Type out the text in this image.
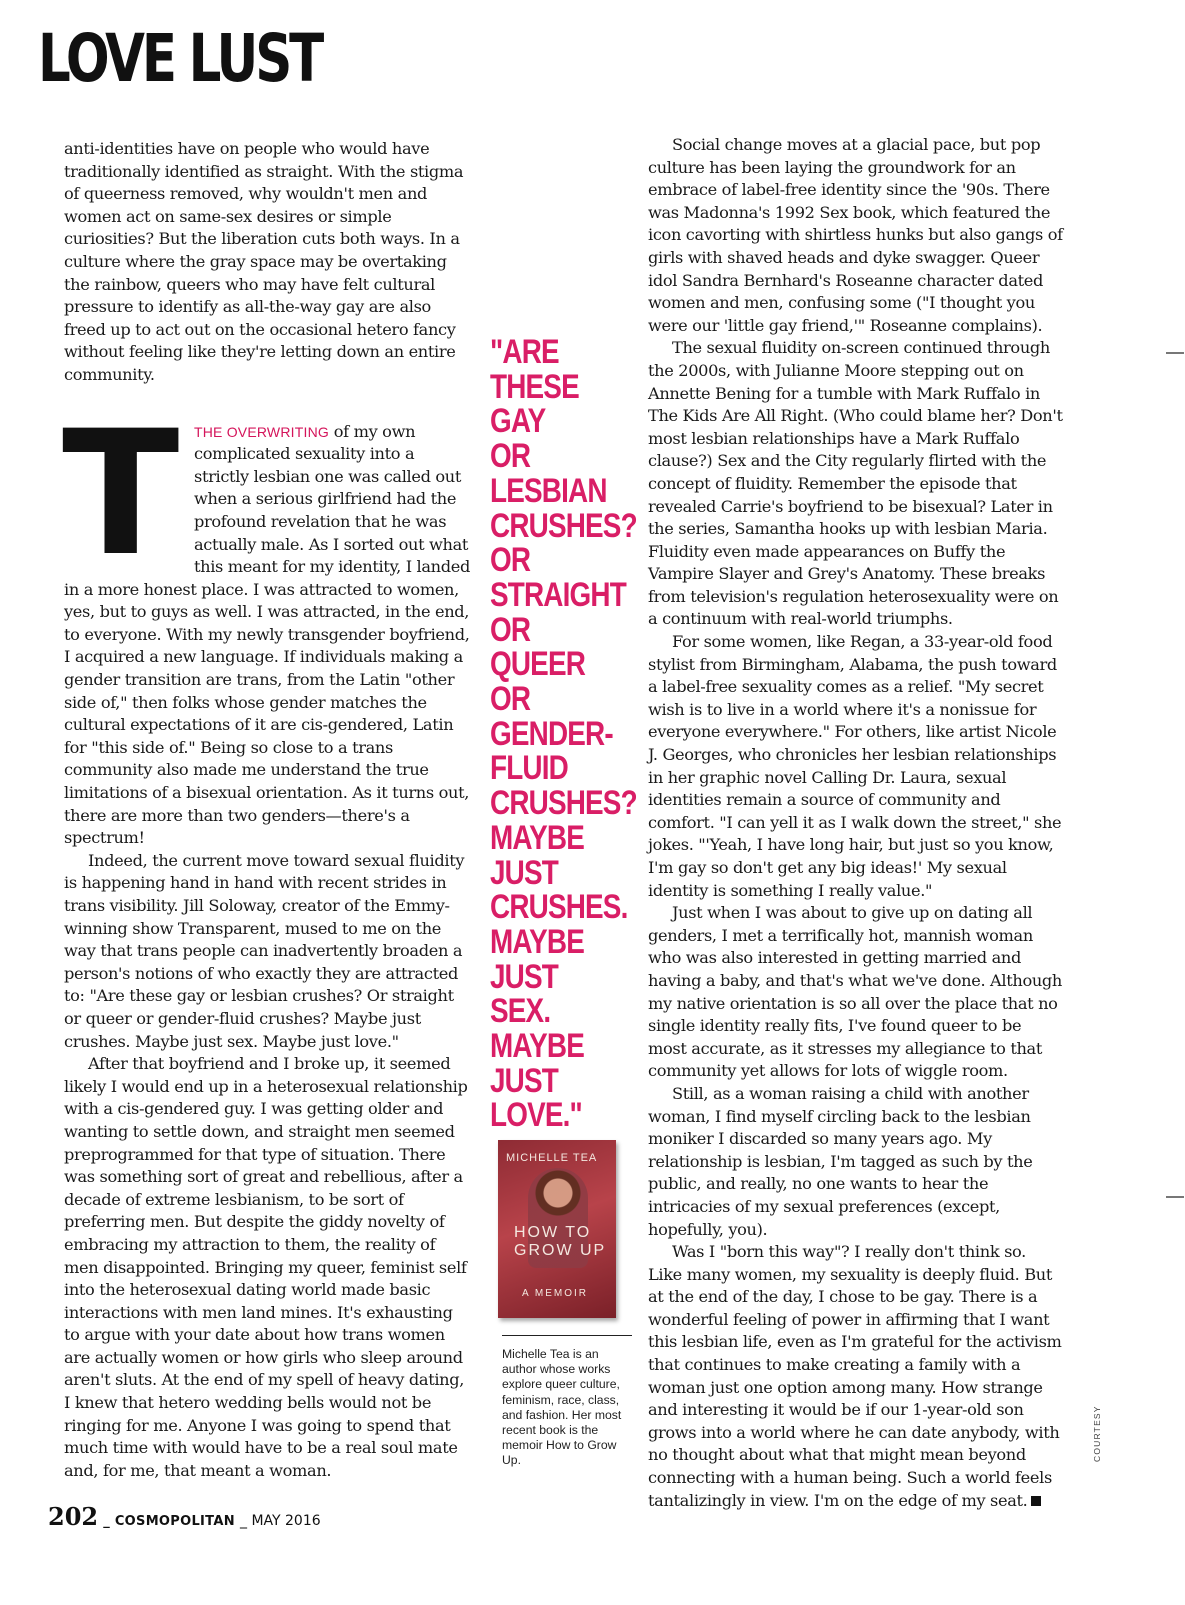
LOVE LUST

anti-identities have on people who would have traditionally identified as straight. With the stigma of queerness removed, why wouldn't men and women act on same-sex desires or simple curiosities? But the liberation cuts both ways. In a culture where the gray space may be overtaking the rainbow, queers who may have felt cultural pressure to identify as all-the-way gay are also freed up to act out on the occasional hetero fancy without feeling like they're letting down an entire community.

T	THE OVERWRITING of my own complicated sexuality into a strictly lesbian one was called out when a serious girlfriend had the profound revelation that he was actually male. As I sorted out what this meant for my identity, I landed in a more honest place. I was attracted to women, yes, but to guys as well. I was attracted, in the end, to everyone. With my newly transgender boyfriend, I acquired a new language. If individuals making a gender transition are trans, from the Latin "other side of," then folks whose gender matches the cultural expectations of it are cis-gendered, Latin for "this side of." Being so close to a trans community also made me understand the true limitations of a bisexual orientation. As it turns out, there are more than two genders—there's a spectrum!

Indeed, the current move toward sexual fluidity is happening hand in hand with recent strides in trans visibility. Jill Soloway, creator of the Emmy-winning show Transparent, mused to me on the way that trans people can inadvertently broaden a person's notions of who exactly they are attracted to: "Are these gay or lesbian crushes? Or straight or queer or gender-fluid crushes? Maybe just crushes. Maybe just sex. Maybe just love."

After that boyfriend and I broke up, it seemed likely I would end up in a heterosexual relationship with a cis-gendered guy. I was getting older and wanting to settle down, and straight men seemed preprogrammed for that type of situation. There was something sort of great and rebellious, after a decade of extreme lesbianism, to be sort of preferring men. But despite the giddy novelty of embracing my attraction to them, the reality of men disappointed. Bringing my queer, feminist self into the heterosexual dating world made basic interactions with men land mines. It's exhausting to argue with your date about how trans women are actually women or how girls who sleep around aren't sluts. At the end of my spell of heavy dating, I knew that hetero wedding bells would not be ringing for me. Anyone I was going to spend that much time with would have to be a real soul mate and, for me, that meant a woman.

"ARE
THESE GAY
OR
LESBIAN
CRUSHES?
OR
STRAIGHT
OR QUEER
OR
GENDER-
FLUID
CRUSHES?
MAYBE
JUST
CRUSHES.
MAYBE
JUST SEX.
MAYBE
JUST
LOVE."
MICHELLE TEA
HOW TO
GROW UP
A MEMOIR
Michelle Tea is an author whose works explore queer culture, feminism, race, class, and fashion. Her most recent book is the memoir How to Grow Up.

Social change moves at a glacial pace, but pop culture has been laying the groundwork for an embrace of label-free identity since the '90s. There was Madonna's 1992 Sex book, which featured the icon cavorting with shirtless hunks but also gangs of girls with shaved heads and dyke swagger. Queer idol Sandra Bernhard's Roseanne character dated women and men, confusing some ("I thought you were our 'little gay friend,'" Roseanne complains).

The sexual fluidity on-screen continued through the 2000s, with Julianne Moore stepping out on Annette Bening for a tumble with Mark Ruffalo in The Kids Are All Right. (Who could blame her? Don't most lesbian relationships have a Mark Ruffalo clause?) Sex and the City regularly flirted with the concept of fluidity. Remember the episode that revealed Carrie's boyfriend to be bisexual? Later in the series, Samantha hooks up with lesbian Maria. Fluidity even made appearances on Buffy the Vampire Slayer and Grey's Anatomy. These breaks from television's regulation heterosexuality were on a continuum with real-world triumphs.

For some women, like Regan, a 33-year-old food stylist from Birmingham, Alabama, the push toward a label-free sexuality comes as a relief. "My secret wish is to live in a world where it's a nonissue for everyone everywhere." For others, like artist Nicole J. Georges, who chronicles her lesbian relationships in her graphic novel Calling Dr. Laura, sexual identities remain a source of community and comfort. "I can yell it as I walk down the street," she jokes. "'Yeah, I have long hair, but just so you know, I'm gay so don't get any big ideas!' My sexual identity is something I really value."

Just when I was about to give up on dating all genders, I met a terrifically hot, mannish woman who was also interested in getting married and having a baby, and that's what we've done. Although my native orientation is so all over the place that no single identity really fits, I've found queer to be most accurate, as it stresses my allegiance to that community yet allows for lots of wiggle room.

Still, as a woman raising a child with another woman, I find myself circling back to the lesbian moniker I discarded so many years ago. My relationship is lesbian, I'm tagged as such by the public, and really, no one wants to hear the intricacies of my sexual preferences (except, hopefully, you).

Was I "born this way"? I really don't think so. Like many women, my sexuality is deeply fluid. But at the end of the day, I chose to be gay. There is a wonderful feeling of power in affirming that I want this lesbian life, even as I'm grateful for the activism that continues to make creating a family with a woman just one option among many. How strange and interesting it would be if our 1-year-old son grows into a world where he can date anybody, with no thought about what that might mean beyond connecting with a human being. Such a world feels tantalizingly in view. I'm on the edge of my seat.

COURTESY
202 _ COSMOPOLITAN _ MAY 2016
